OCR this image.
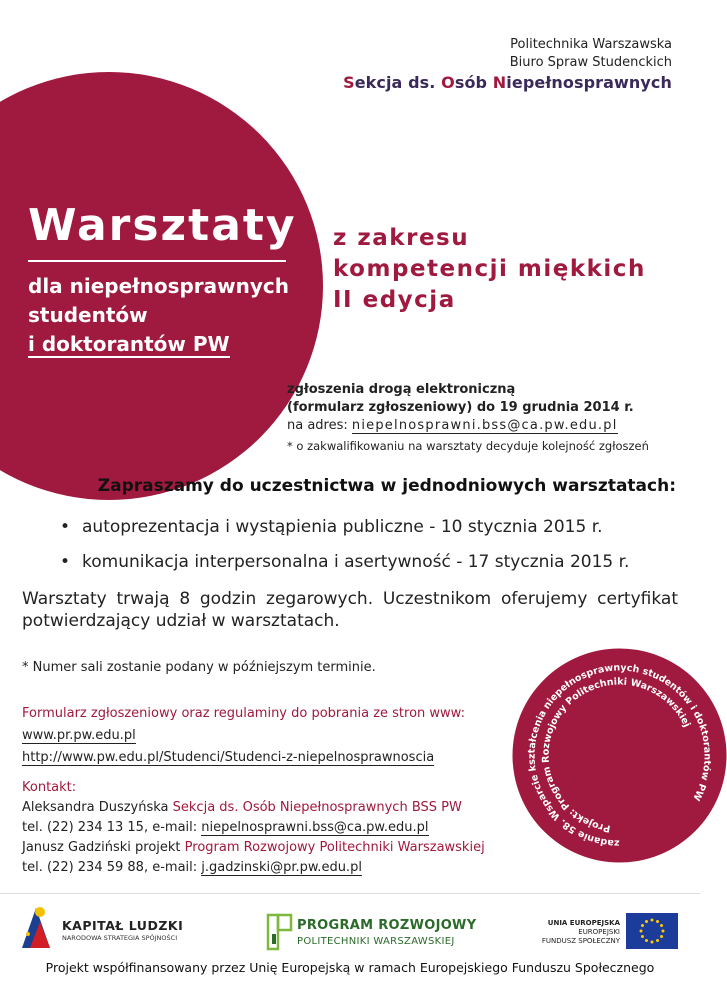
Politechnika Warszawska
Biuro Spraw Studenckich
Sekcja ds. Osób Niepełnosprawnych
Warsztaty
dla niepełnosprawnych
studentów
i doktorantów PW
z zakresu
kompetencji miękkich
II edycja
zgłoszenia drogą elektroniczną
(formularz zgłoszeniowy) do 19 grudnia 2014 r.
na adres: niepelnosprawni.bss@ca.pw.edu.pl
* o zakwalifikowaniu na warsztaty decyduje kolejność zgłoszeń
Zapraszamy do uczestnictwa w jednodniowych warsztatach:
• autoprezentacja i wystąpienia publiczne - 10 stycznia 2015 r.
• komunikacja interpersonalna i asertywność - 17 stycznia 2015 r.
Warsztaty trwają 8 godzin zegarowych. Uczestnikom oferujemy certyfikat potwierdzający udział w warsztatach.
* Numer sali zostanie podany w późniejszym terminie.
Formularz zgłoszeniowy oraz regulaminy do pobrania ze stron www:
www.pr.pw.edu.pl
http://www.pw.edu.pl/Studenci/Studenci-z-niepelnosprawnoscia
Kontakt:
Aleksandra Duszyńska Sekcja ds. Osób Niepełnosprawnych BSS PW
tel. (22) 234 13 15, e-mail: niepelnosprawni.bss@ca.pw.edu.pl
Janusz Gadziński projekt Program Rozwojowy Politechniki Warszawskiej
tel. (22) 234 59 88, e-mail: j.gadzinski@pr.pw.edu.pl
zadanie 58. Wsparcie kształcenia niepełnosprawnych studentów i doktorantów PW
Projekt: Program Rozwojowy Politechniki Warszawskiej
KAPITAŁ LUDZKI
NARODOWA STRATEGIA SPÓJNOŚCI
PROGRAM ROZWOJOWY
POLITECHNIKI WARSZAWSKIEJ
UNIA EUROPEJSKA
EUROPEJSKI
FUNDUSZ SPOŁECZNY
Projekt współfinansowany przez Unię Europejską w ramach Europejskiego Funduszu Społecznego
